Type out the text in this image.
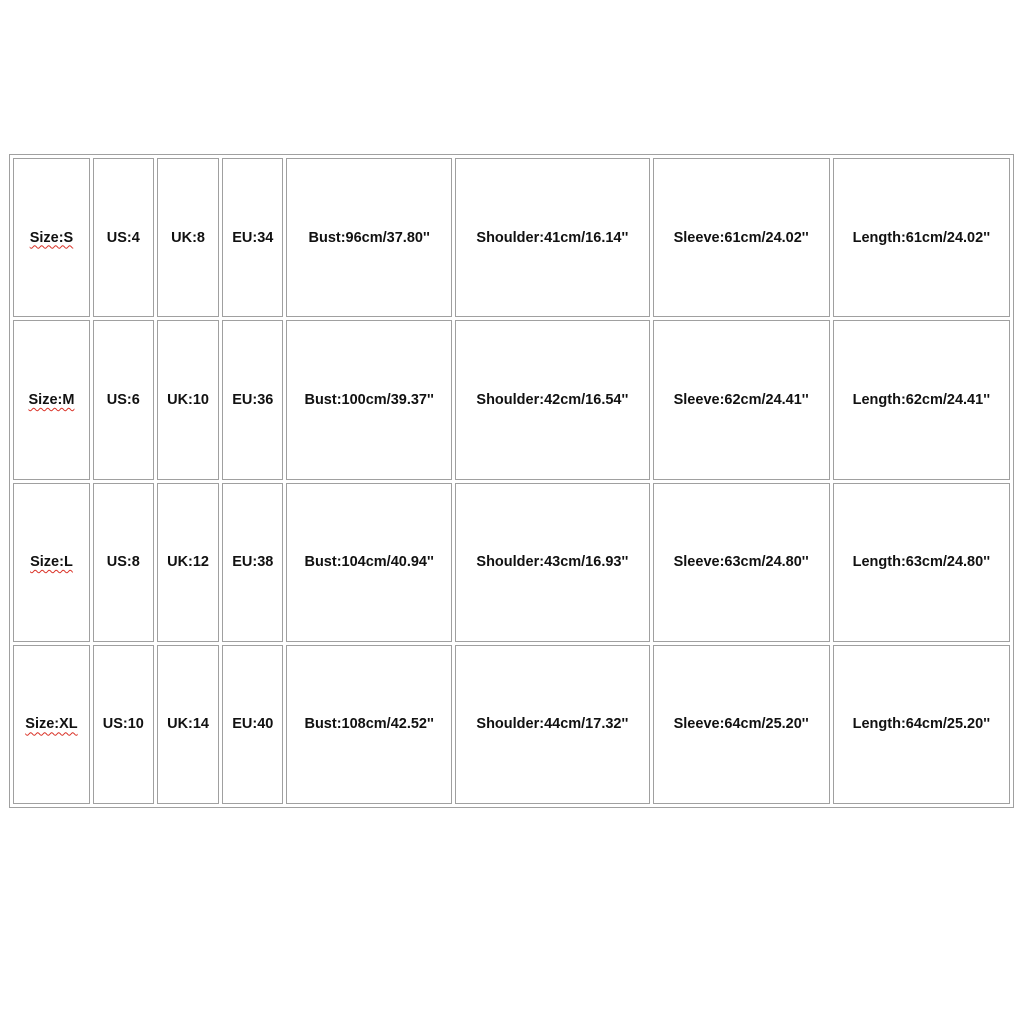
Size:S	US:4	UK:8	EU:34	Bust:96cm/37.80''	Shoulder:41cm/16.14''	Sleeve:61cm/24.02''	Length:61cm/24.02''
Size:M	US:6	UK:10	EU:36	Bust:100cm/39.37''	Shoulder:42cm/16.54''	Sleeve:62cm/24.41''	Length:62cm/24.41''
Size:L	US:8	UK:12	EU:38	Bust:104cm/40.94''	Shoulder:43cm/16.93''	Sleeve:63cm/24.80''	Length:63cm/24.80''
Size:XL	US:10	UK:14	EU:40	Bust:108cm/42.52''	Shoulder:44cm/17.32''	Sleeve:64cm/25.20''	Length:64cm/25.20''
